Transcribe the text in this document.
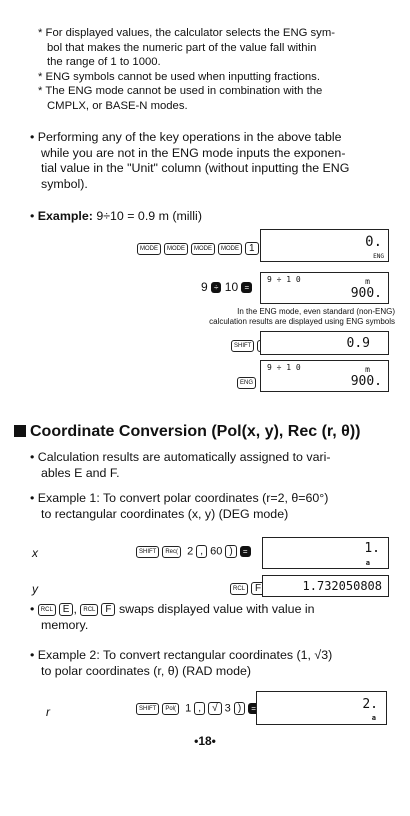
* For displayed values, the calculator selects the ENG sym-
bol that makes the numeric part of the value fall within
the range of 1 to 1000.
* ENG symbols cannot be used when inputting fractions.
* The ENG mode cannot be used in combination with the
CMPLX, or BASE-N modes.
• Performing any of the key operations in the above table
while you are not in the ENG mode inputs the exponen-
tial value in the "Unit" column (without inputting the ENG
symbol).
• Example: 9÷10 = 0.9 m (milli)
MODE MODE MODE MODE 1	0.
ENG
9 ÷ 10 =
9 ÷ 1 0	m
900.
In the ENG mode, even standard (non-ENG)
calculation results are displayed using ENG symbols
SHIFT	0.9
ENG
9 ÷ 1 0	m
900.
Coordinate Conversion (Pol(x, y), Rec (r, θ))
• Calculation results are automatically assigned to vari-
ables E and F.
• Example 1: To convert polar coordinates (r=2, θ=60°)
to rectangular coordinates (x, y) (DEG mode)
x	SHIFT Rec( 2 , 60 ) =	1.
a
y	RCL F	1.732050808
• RCL E , RCL F swaps displayed value with value in
memory.
• Example 2: To convert rectangular coordinates (1, √3)
to polar coordinates (r, θ) (RAD mode)
r	SHIFT Pol( 1 , √ 3 ) =	2.
a
•18•
